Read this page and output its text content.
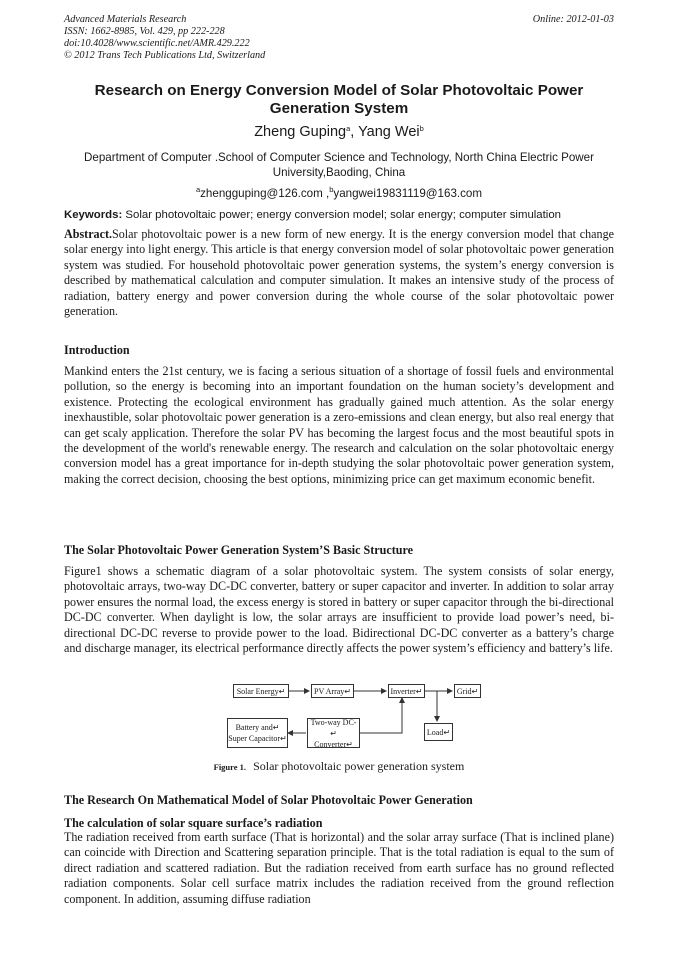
Advanced Materials Research	Online: 2012-01-03
ISSN: 1662-8985, Vol. 429, pp 222-228
doi:10.4028/www.scientific.net/AMR.429.222
© 2012 Trans Tech Publications Ltd, Switzerland
Research on Energy Conversion Model of Solar Photovoltaic Power Generation System
Zheng Guping$^a$, Yang Wei$^b$
Department of Computer .School of Computer Science and Technology, North China Electric Power University,Baoding, China
$^a$zhengguping@126.com ,$^b$yangwei19831119@163.com
Keywords: Solar photovoltaic power; energy conversion model; solar energy; computer simulation
Abstract.Solar photovoltaic power is a new form of new energy. It is the energy conversion model that change solar energy into light energy. This article is that energy conversion model of solar photovoltaic power generation system was studied. For household photovoltaic power generation systems, the system’s energy conversion is described by mathematical calculation and computer simulation. It makes an intensive study of the process of radiation, battery energy and power conversion during the whole course of the solar photovoltaic power generation.
Introduction
Mankind enters the 21st century, we is facing a serious situation of a shortage of fossil fuels and environmental pollution, so the energy is becoming into an important foundation on the human society’s development and existence. Protecting the ecological environment has gradually gained much attention. As the solar energy inexhaustible, solar photovoltaic power generation is a zero-emissions and clean energy, but also real energy that can get scaly application. Therefore the solar PV has becoming the largest focus and the most beautiful spots in the development of the world's renewable energy. The research and calculation on the solar photovoltaic energy conversion model has a great importance for in-depth studying the solar photovoltaic power generation system, making the correct decision, choosing the best options, minimizing price can get maximum economic benefit.
The Solar Photovoltaic Power Generation System’S Basic Structure
Figure1 shows a schematic diagram of a solar photovoltaic system. The system consists of solar energy, photovoltaic arrays, two-way DC-DC converter, battery or super capacitor and inverter. In addition to solar array power ensures the normal load, the excess energy is stored in battery or super capacitor through the bi-directional DC-DC converter. When daylight is low, the solar arrays are insufficient to provide load power’s need, bi-directional DC-DC reverse to provide power to the load. Bidirectional DC-DC converter as a battery’s charge and discharge manager, its electrical performance directly affects the power system’s efficiency and battery’s life.
Solar Energy↵	PV Array↵	Inverter↵	Grid↵
Battery and↵
Super Capacitor↵
Two-way DC-↵
Converter↵
Load↵
Figure 1. Solar photovoltaic power generation system
The Research On Mathematical Model of Solar Photovoltaic Power Generation
The calculation of solar square surface’s radiation
The radiation received from earth surface (That is horizontal) and the solar array surface (That is inclined plane) can coincide with Direction and Scattering separation principle. That is the total radiation is equal to the sum of direct radiation and scattered radiation. But the radiation received from earth surface has no ground reflected radiation components. Solar cell surface matrix includes the radiation received from the ground reflection component. In addition, assuming diffuse radiation
